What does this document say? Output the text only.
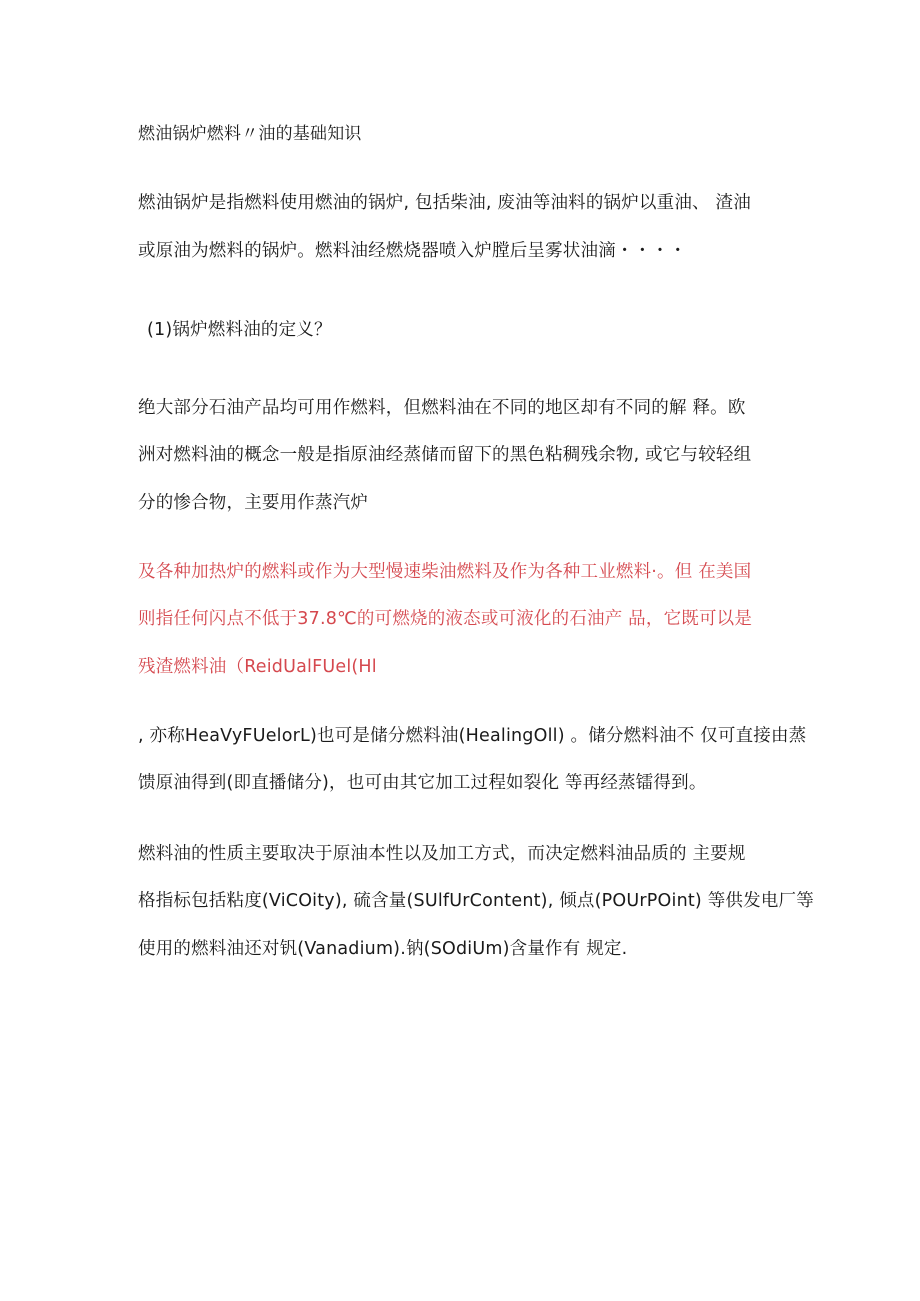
燃油锅炉燃料〃油的基础知识
燃油锅炉是指燃料使用燃油的锅炉, 包括柴油, 废油等油料的锅炉以重油、 渣油
或原油为燃料的锅炉。燃料油经燃烧器喷入炉膛后呈雾状油滴・・・・
(1)锅炉燃料油的定义？
绝大部分石油产品均可用作燃料，但燃料油在不同的地区却有不同的解 释。欧
洲对燃料油的概念一般是指原油经蒸储而留下的黑色粘稠残余物, 或它与较轻组
分的惨合物，主要用作蒸汽炉
及各种加热炉的燃料或作为大型慢速柴油燃料及作为各种工业燃料·。但 在美国
则指任何闪点不低于37.8℃的可燃烧的液态或可液化的石油产 品，它既可以是
残渣燃料油（ReidUalFUel(Hl
, 亦称HeaVyFUelorL)也可是储分燃料油(HealingOll) 。储分燃料油不 仅可直接由蒸
馈原油得到(即直播储分)，也可由其它加工过程如裂化 等再经蒸镭得到。
燃料油的性质主要取决于原油本性以及加工方式，而决定燃料油品质的 主要规
格指标包括粘度(ViCOity), 硫含量(SUlfUrContent), 倾点(POUrPOint) 等供发电厂等
使用的燃料油还对钒(Vanadium).钠(SOdiUm)含量作有 规定.
